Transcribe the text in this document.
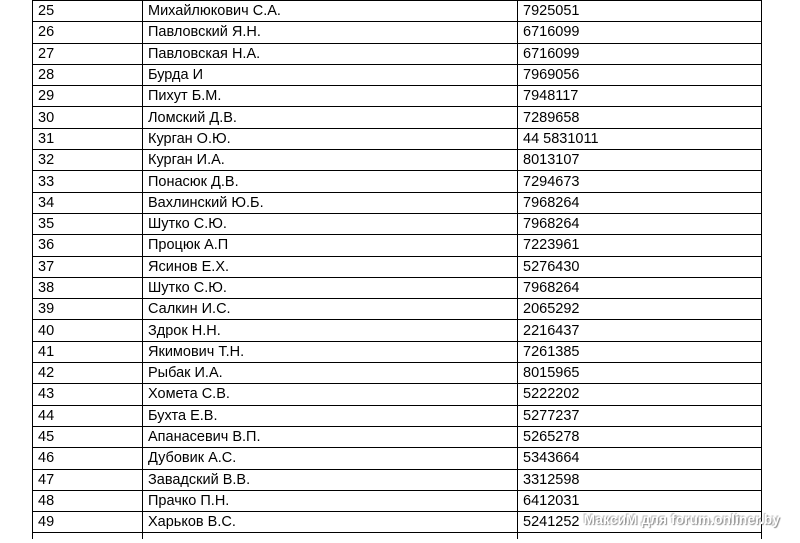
25	Михайлюкович С.А.	7925051
26	Павловский Я.Н.	6716099
27	Павловская Н.А.	6716099
28	Бурда И	7969056
29	Пихут Б.М.	7948117
30	Ломский Д.В.	7289658
31	Курган О.Ю.	44 5831011
32	Курган И.А.	8013107
33	Понасюк Д.В.	7294673
34	Вахлинский Ю.Б.	7968264
35	Шутко С.Ю.	7968264
36	Процюк А.П	7223961
37	Ясинов Е.Х.	5276430
38	Шутко С.Ю.	7968264
39	Салкин И.С.	2065292
40	Здрок Н.Н.	2216437
41	Якимович Т.Н.	7261385
42	Рыбак И.А.	8015965
43	Хомета С.В.	5222202
44	Бухта Е.В.	5277237
45	Апанасевич В.П.	5265278
46	Дубовик А.С.	5343664
47	Завадский В.В.	3312598
48	Прачко П.Н.	6412031
49	Харьков В.С.	5241252
		МаксиМ для forum.onliner.by
